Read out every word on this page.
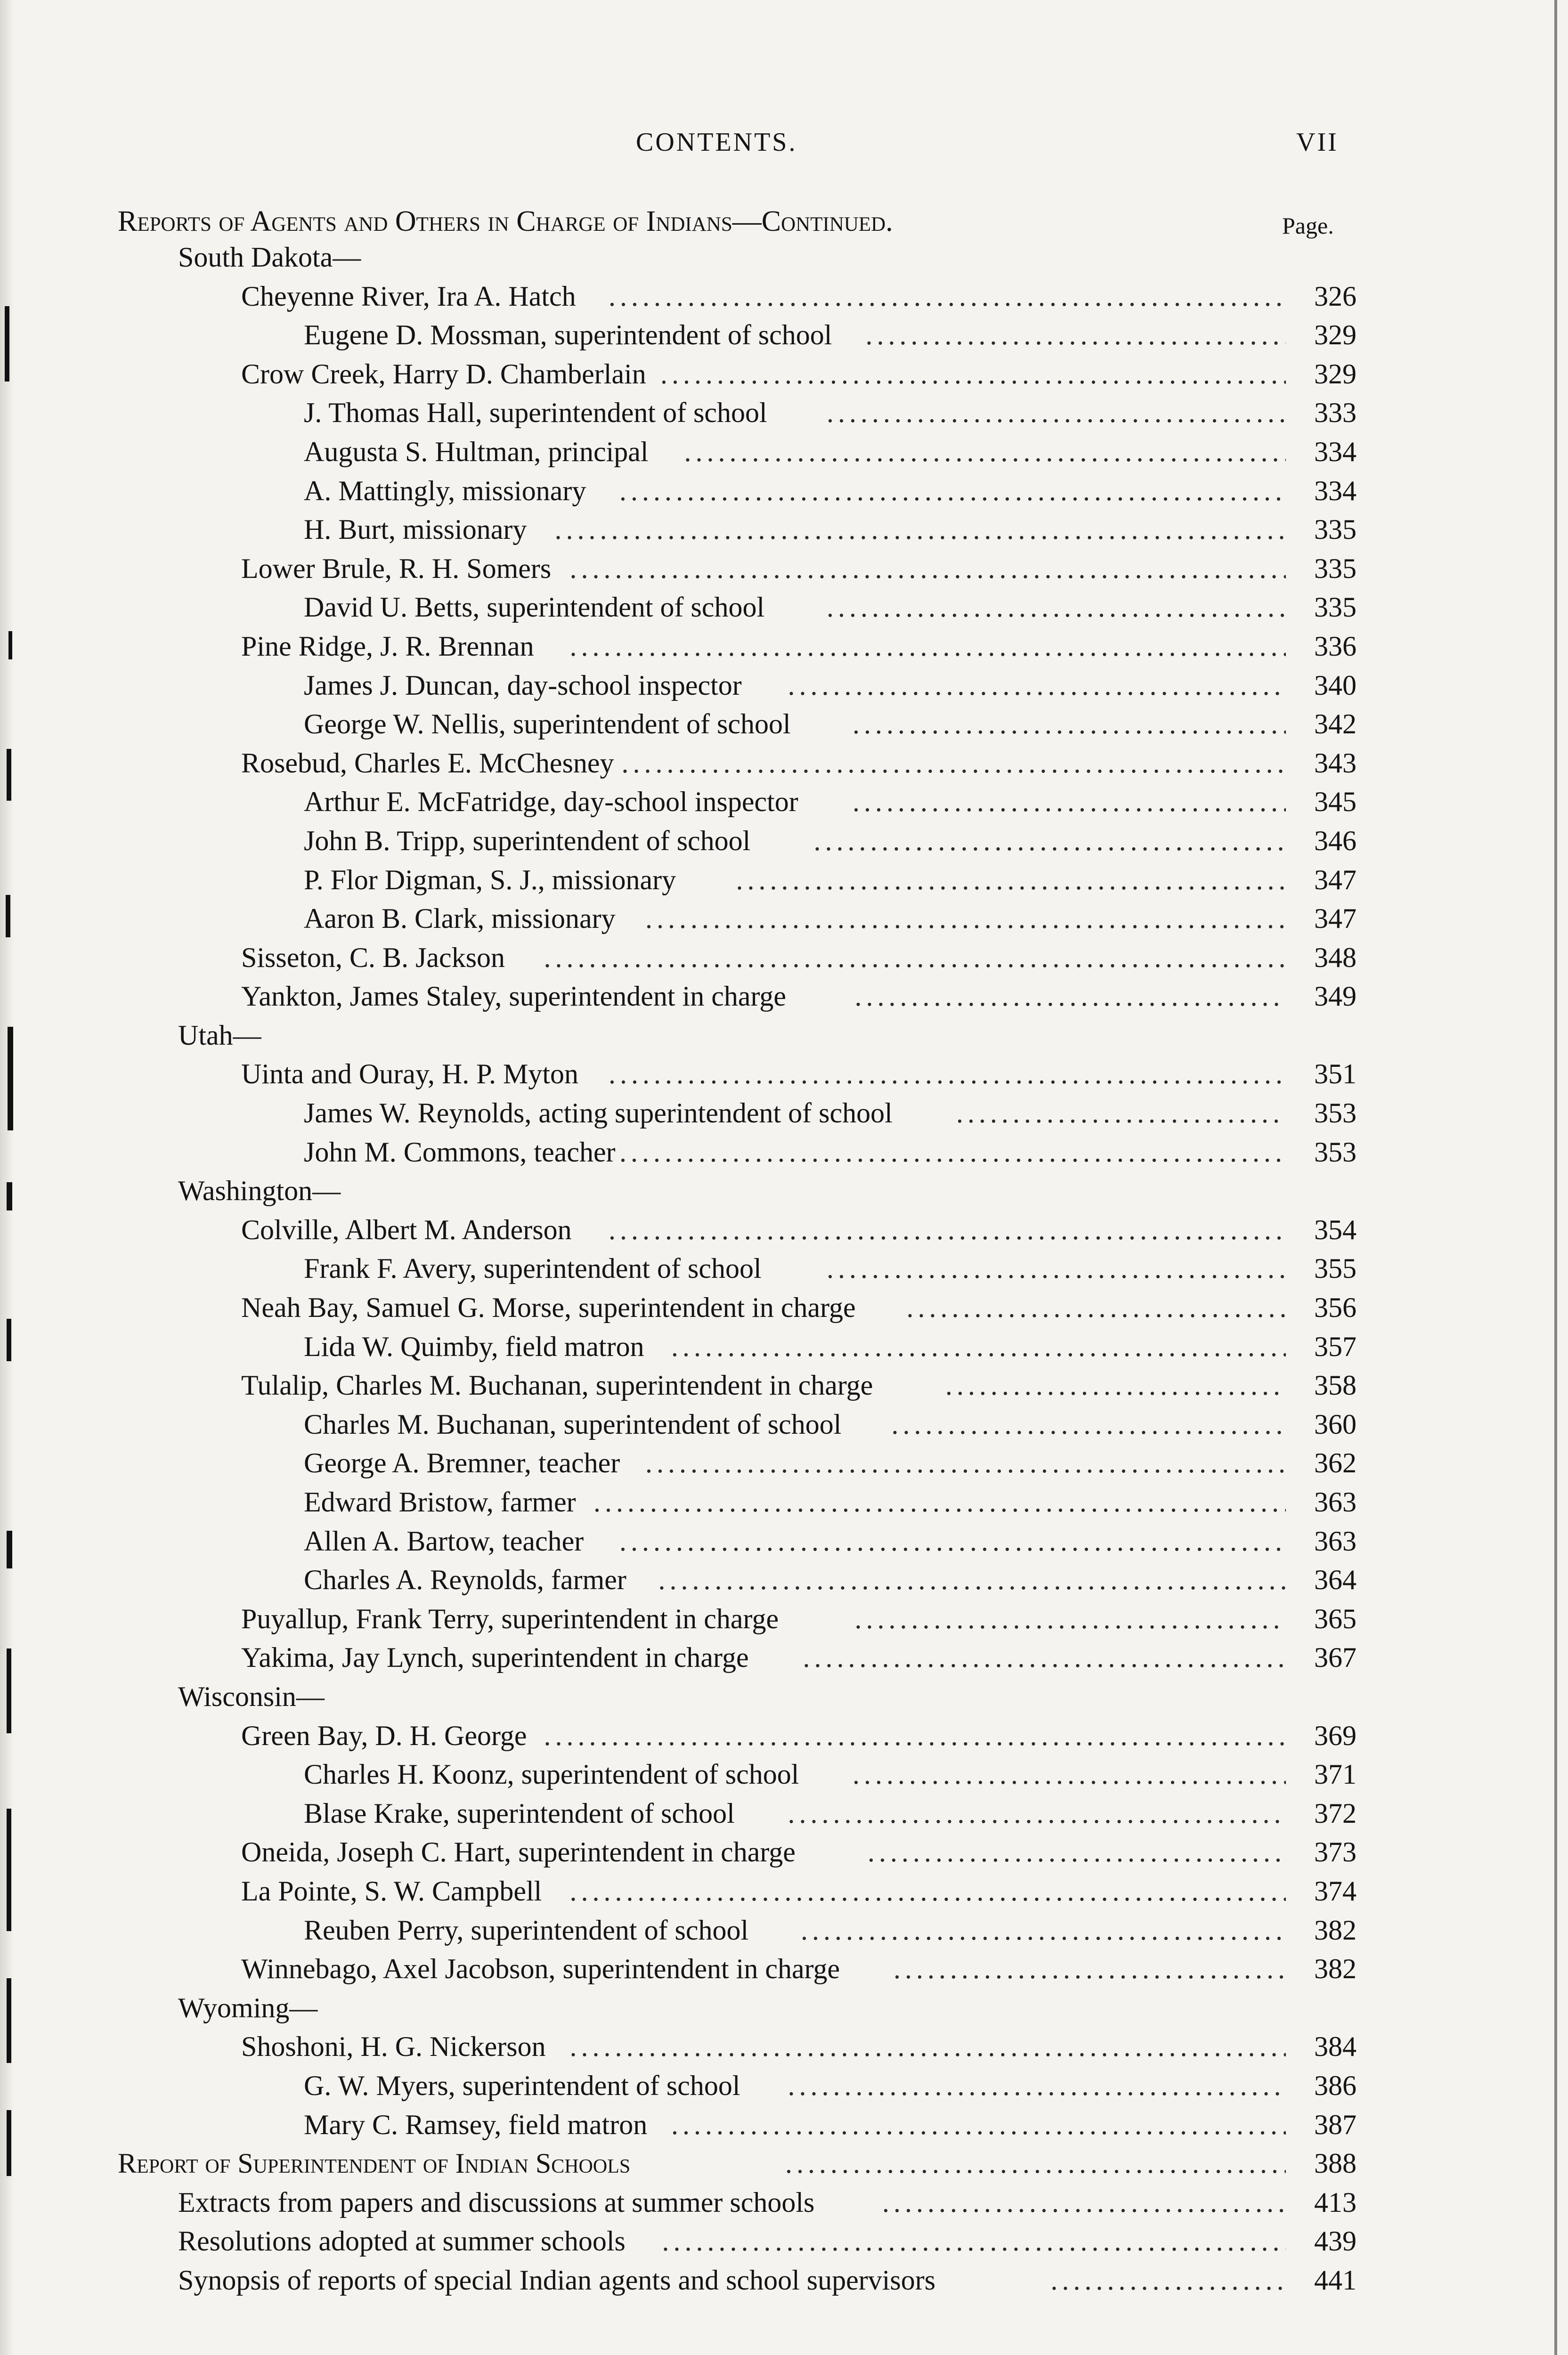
CONTENTS.	VII
Reports of Agents and Others in Charge of Indians—Continued.	Page.
South Dakota—
Cheyenne River, Ira A. Hatch .....	326
Eugene D. Mossman, superintendent of school .....	329
Crow Creek, Harry D. Chamberlain .....	329
J. Thomas Hall, superintendent of school .....	333
Augusta S. Hultman, principal .....	334
A. Mattingly, missionary .....	334
H. Burt, missionary .....	335
Lower Brule, R. H. Somers .....	335
David U. Betts, superintendent of school .....	335
Pine Ridge, J. R. Brennan .....	336
James J. Duncan, day-school inspector .....	340
George W. Nellis, superintendent of school .....	342
Rosebud, Charles E. McChesney .....	343
Arthur E. McFatridge, day-school inspector .....	345
John B. Tripp, superintendent of school .....	346
P. Flor Digman, S. J., missionary .....	347
Aaron B. Clark, missionary .....	347
Sisseton, C. B. Jackson .....	348
Yankton, James Staley, superintendent in charge .....	349
Utah—
Uinta and Ouray, H. P. Myton .....	351
James W. Reynolds, acting superintendent of school .....	353
John M. Commons, teacher .....	353
Washington—
Colville, Albert M. Anderson .....	354
Frank F. Avery, superintendent of school .....	355
Neah Bay, Samuel G. Morse, superintendent in charge .....	356
Lida W. Quimby, field matron .....	357
Tulalip, Charles M. Buchanan, superintendent in charge .....	358
Charles M. Buchanan, superintendent of school .....	360
George A. Bremner, teacher .....	362
Edward Bristow, farmer .....	363
Allen A. Bartow, teacher .....	363
Charles A. Reynolds, farmer .....	364
Puyallup, Frank Terry, superintendent in charge .....	365
Yakima, Jay Lynch, superintendent in charge .....	367
Wisconsin—
Green Bay, D. H. George .....	369
Charles H. Koonz, superintendent of school .....	371
Blase Krake, superintendent of school .....	372
Oneida, Joseph C. Hart, superintendent in charge .....	373
La Pointe, S. W. Campbell .....	374
Reuben Perry, superintendent of school .....	382
Winnebago, Axel Jacobson, superintendent in charge .....	382
Wyoming—
Shoshoni, H. G. Nickerson .....	384
G. W. Myers, superintendent of school .....	386
Mary C. Ramsey, field matron .....	387
Report of Superintendent of Indian Schools .....	388
Extracts from papers and discussions at summer schools .....	413
Resolutions adopted at summer schools .....	439
Synopsis of reports of special Indian agents and school supervisors .....	441
